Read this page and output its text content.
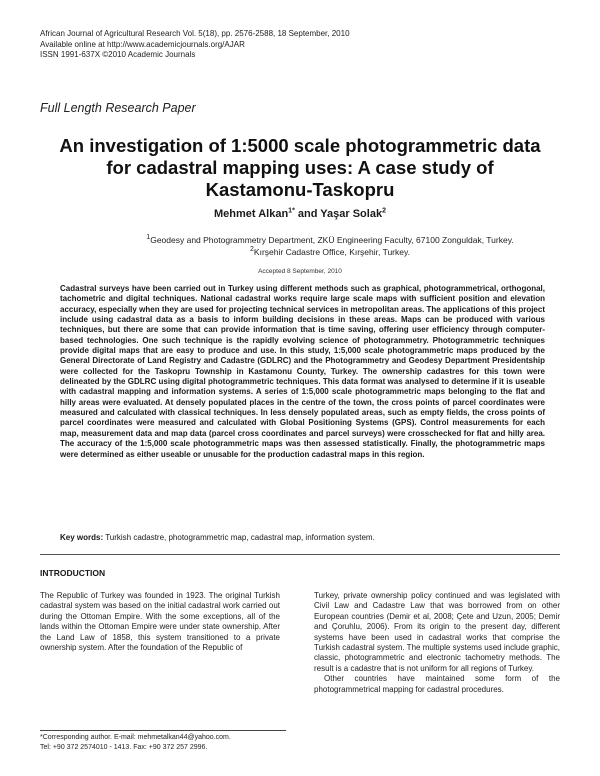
African Journal of Agricultural Research Vol. 5(18), pp. 2576-2588, 18 September, 2010
Available online at http://www.academicjournals.org/AJAR
ISSN 1991-637X ©2010 Academic Journals
Full Length Research Paper
An investigation of 1:5000 scale photogrammetric data
for cadastral mapping uses: A case study of
Kastamonu-Taskopru
Mehmet Alkan$^{1*}$ and Yaşar Solak$^2$
$^1$Geodesy and Photogrammetry Department, ZKÜ Engineering Faculty, 67100 Zonguldak, Turkey.
$^2$Kırşehir Cadastre Office, Kırşehir, Turkey.
Accepted 8 September, 2010

Cadastral surveys have been carried out in Turkey using different methods such as graphical, photogrammetrical, orthogonal, tachometric and digital techniques. National cadastral works require large scale maps with sufficient position and elevation accuracy, especially when they are used for projecting technical services in metropolitan areas. The applications of this project include using cadastral data as a basis to inform building decisions in these areas. Maps can be produced with various techniques, but there are some that can provide information that is time saving, offering user efficiency through computer-based technologies. One such technique is the rapidly evolving science of photogrammetry. Photogrammetric techniques provide digital maps that are easy to produce and use. In this study, 1:5,000 scale photogrammetric maps produced by the General Directorate of Land Registry and Cadastre (GDLRC) and the Photogrammetry and Geodesy Department Presidentship were collected for the Taskopru Township in Kastamonu County, Turkey. The ownership cadastres for this town were delineated by the GDLRC using digital photogrammetric techniques. This data format was analysed to determine if it is useable with cadastral mapping and information systems. A series of 1:5,000 scale photogrammetric maps belonging to the flat and hilly areas were evaluated. At densely populated places in the centre of the town, the cross points of parcel coordinates were measured and calculated with classical techniques. In less densely populated areas, such as empty fields, the cross points of parcel coordinates were measured and calculated with Global Positioning Systems (GPS). Control measurements for each map, measurement data and map data (parcel cross coordinates and parcel surveys) were crosschecked for flat and hilly area. The accuracy of the 1:5,000 scale photogrammetric maps was then assessed statistically. Finally, the photogrammetric maps were determined as either useable or unusable for the production cadastral maps in this region.

Key words: Turkish cadastre, photogrammetric map, cadastral map, information system.
INTRODUCTION

The Republic of Turkey was founded in 1923. The original Turkish cadastral system was based on the initial cadastral work carried out during the Ottoman Empire. With the some exceptions, all of the lands within the Ottoman Empire were under state ownership. After the Land Law of 1858, this system transitioned to a private ownership system. After the foundation of the Republic of

Turkey, private ownership policy continued and was legislated with Civil Law and Cadastre Law that was borrowed from on other European countries (Demir et al, 2008; Çete and Uzun, 2005; Demir and Çoruhlu, 2006). From its origin to the present day, different systems have been used in cadastral works that comprise the Turkish cadastral system. The multiple systems used include graphic, classic, photogrammetric and electronic tachometry methods. The result is a cadastre that is not uniform for all regions of Turkey.

Other countries have maintained some form of the photogrammetrical mapping for cadastral procedures.

*Corresponding author. E-mail: mehmetalkan44@yahoo.com.
Tel: +90 372 2574010 - 1413. Fax: +90 372 257 2996.
